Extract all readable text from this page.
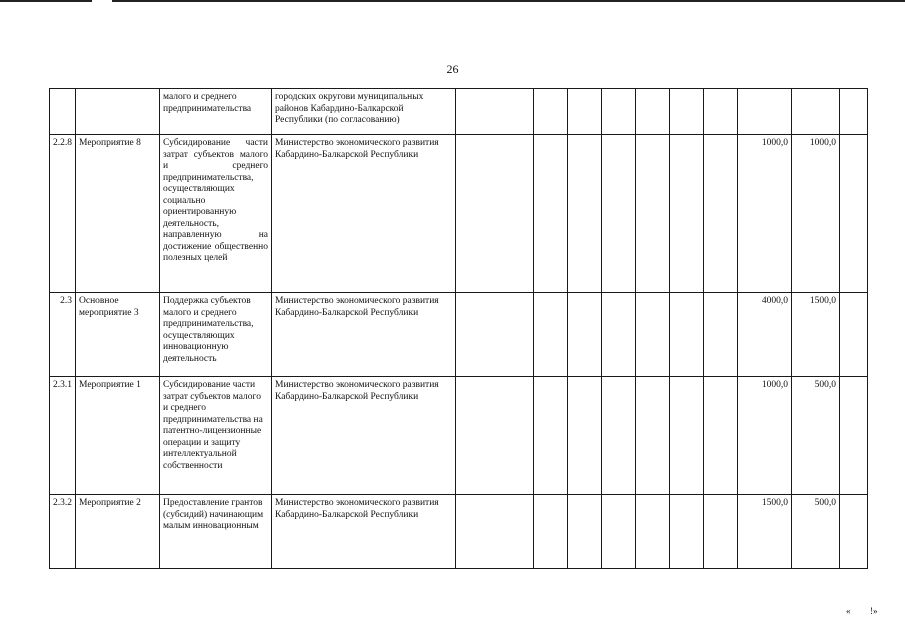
26
		малого и среднего предпринимательства	городских округови муниципальных районов Кабардино-Балкарской Республики (по согласованию)										
2.2.8	Мероприятие 8	Субсидирование части затрат субъектов малого и среднего предпринимательства, осуществляющих социально ориентированную деятельность, направленную на достижение общественно полезных целей	Министерство экономического развития Кабардино-Балкарской Республики								1000,0	1000,0	
2.3	Основное мероприятие 3	Поддержка субъектов малого и среднего предпринимательства, осуществляющих инновационную деятельность	Министерство экономического развития Кабардино-Балкарской Республики								4000,0	1500,0	
2.3.1	Мероприятие 1	Субсидирование части затрат субъектов малого и среднего предпринимательства на патентно-лицензионные операции и защиту интеллектуальной собственности	Министерство экономического развития Кабардино-Балкарской Республики								1000,0	500,0	
2.3.2	Мероприятие 2	Предоставление грантов (субсидий) начинающим малым инновационным	Министерство экономического развития Кабардино-Балкарской Республики								1500,0	500,0	
« !»
